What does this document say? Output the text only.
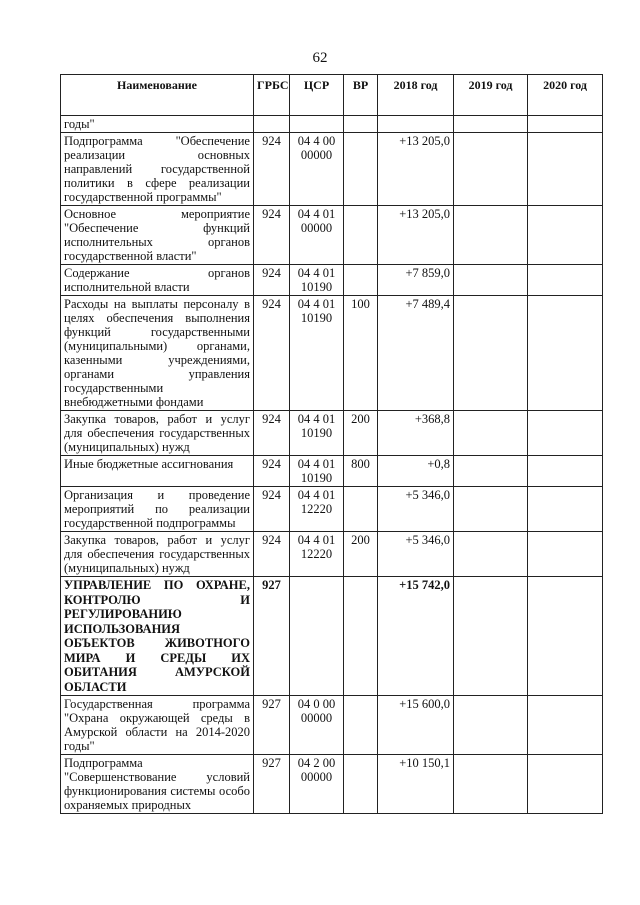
62
Наименование	ГРБС	ЦСР	ВР	2018 год	2019 год	2020 год
годы"						
Подпрограмма "Обеспечение реализации основных направлений государственной политики в сфере реализации государственной программы"	924	04 4 00 00000		+13 205,0		
Основное мероприятие "Обеспечение функций исполнительных органов государственной власти"	924	04 4 01 00000		+13 205,0		
Содержание органов исполнительной власти	924	04 4 01 10190		+7 859,0		
Расходы на выплаты персоналу в целях обеспечения выполнения функций государственными (муниципальными) органами, казенными учреждениями, органами управления государственными внебюджетными фондами	924	04 4 01 10190	100	+7 489,4		
Закупка товаров, работ и услуг для обеспечения государственных (муниципальных) нужд	924	04 4 01 10190	200	+368,8		
Иные бюджетные ассигнования	924	04 4 01 10190	800	+0,8		
Организация и проведение мероприятий по реализации государственной подпрограммы	924	04 4 01 12220		+5 346,0		
Закупка товаров, работ и услуг для обеспечения государственных (муниципальных) нужд	924	04 4 01 12220	200	+5 346,0		
УПРАВЛЕНИЕ ПО ОХРАНЕ, КОНТРОЛЮ И РЕГУЛИРОВАНИЮ ИСПОЛЬЗОВАНИЯ ОБЪЕКТОВ ЖИВОТНОГО МИРА И СРЕДЫ ИХ ОБИТАНИЯ АМУРСКОЙ ОБЛАСТИ	927			+15 742,0		
Государственная программа "Охрана окружающей среды в Амурской области на 2014-2020 годы"	927	04 0 00 00000		+15 600,0		
Подпрограмма "Совершенствование условий функционирования системы особо охраняемых природных	927	04 2 00 00000		+10 150,1		
